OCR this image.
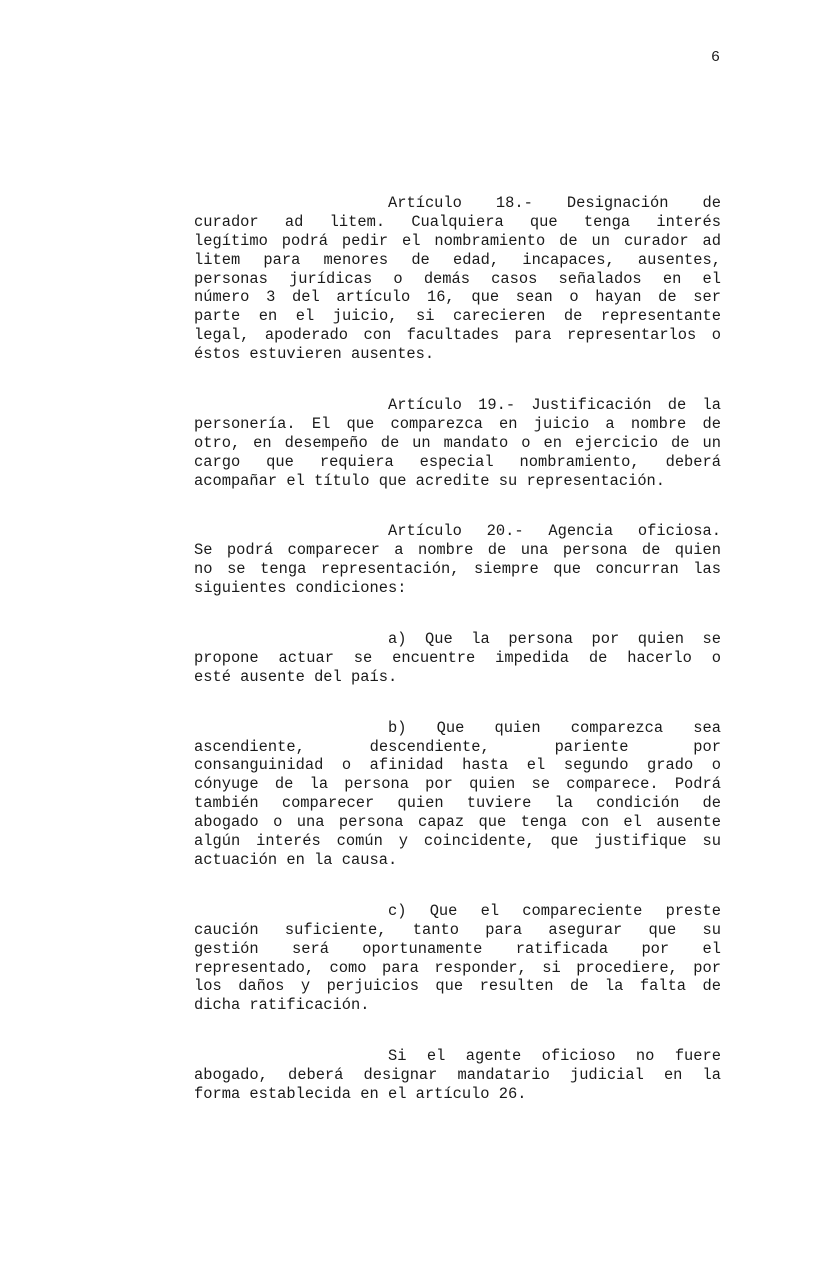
6
Artículo 18.- Designación de
curador ad litem. Cualquiera que tenga interés
legítimo podrá pedir el nombramiento de un curador ad
litem para menores de edad, incapaces, ausentes,
personas jurídicas o demás casos señalados en el
número 3 del artículo 16, que sean o hayan de ser
parte en el juicio, si carecieren de representante
legal, apoderado con facultades para representarlos o
éstos estuvieren ausentes.
Artículo 19.- Justificación de la
personería. El que comparezca en juicio a nombre de
otro, en desempeño de un mandato o en ejercicio de un
cargo que requiera especial nombramiento, deberá
acompañar el título que acredite su representación.
Artículo 20.- Agencia oficiosa.
Se podrá comparecer a nombre de una persona de quien
no se tenga representación, siempre que concurran las
siguientes condiciones:
a) Que la persona por quien se
propone actuar se encuentre impedida de hacerlo o
esté ausente del país.
b) Que quien comparezca sea
ascendiente, descendiente, pariente por
consanguinidad o afinidad hasta el segundo grado o
cónyuge de la persona por quien se comparece. Podrá
también comparecer quien tuviere la condición de
abogado o una persona capaz que tenga con el ausente
algún interés común y coincidente, que justifique su
actuación en la causa.
c) Que el compareciente preste
caución suficiente, tanto para asegurar que su
gestión será oportunamente ratificada por el
representado, como para responder, si procediere, por
los daños y perjuicios que resulten de la falta de
dicha ratificación.
Si el agente oficioso no fuere
abogado, deberá designar mandatario judicial en la
forma establecida en el artículo 26.
